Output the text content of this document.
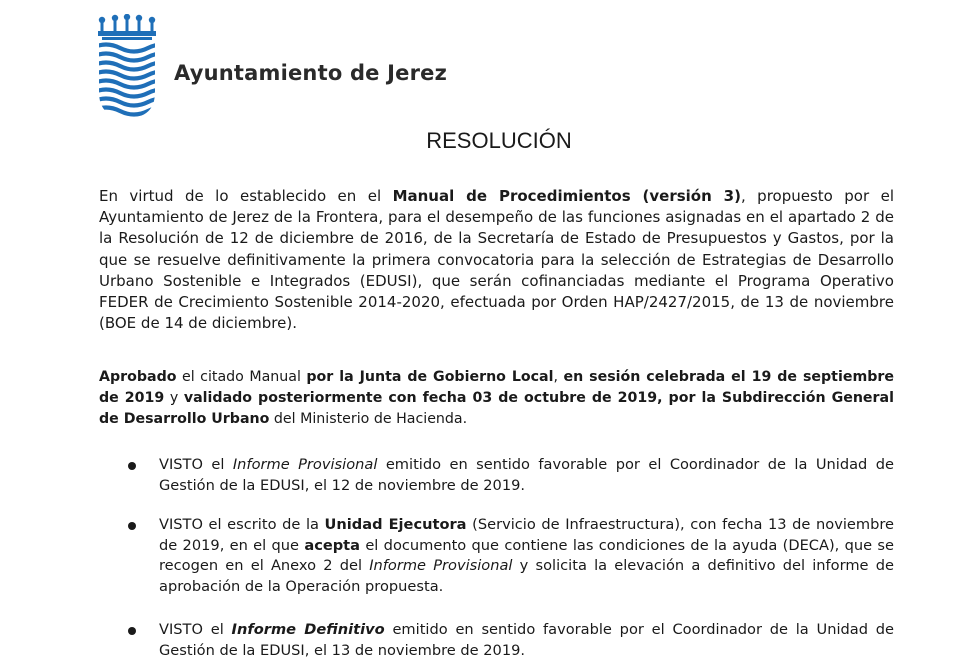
Ayuntamiento de Jerez
RESOLUCIÓN
En virtud de lo establecido en el Manual de Procedimientos (versión 3), propuesto por el Ayuntamiento de Jerez de la Frontera, para el desempeño de las funciones asignadas en el apartado 2 de la Resolución de 12 de diciembre de 2016, de la Secretaría de Estado de Presupuestos y Gastos, por la que se resuelve definitivamente la primera convocatoria para la selección de Estrategias de Desarrollo Urbano Sostenible e Integrados (EDUSI), que serán cofinanciadas mediante el Programa Operativo FEDER de Crecimiento Sostenible 2014-2020, efectuada por Orden HAP/2427/2015, de 13 de noviembre (BOE de 14 de diciembre).
Aprobado el citado Manual por la Junta de Gobierno Local, en sesión celebrada el 19 de septiembre de 2019 y validado posteriormente con fecha 03 de octubre de 2019, por la Subdirección General de Desarrollo Urbano del Ministerio de Hacienda.
VISTO el Informe Provisional emitido en sentido favorable por el Coordinador de la Unidad de Gestión de la EDUSI, el 12 de noviembre de 2019.
VISTO el escrito de la Unidad Ejecutora (Servicio de Infraestructura), con fecha 13 de noviembre de 2019, en el que acepta el documento que contiene las condiciones de la ayuda (DECA), que se recogen en el Anexo 2 del Informe Provisional y solicita la elevación a definitivo del informe de aprobación de la Operación propuesta.
VISTO el Informe Definitivo emitido en sentido favorable por el Coordinador de la Unidad de Gestión de la EDUSI, el 13 de noviembre de 2019.
